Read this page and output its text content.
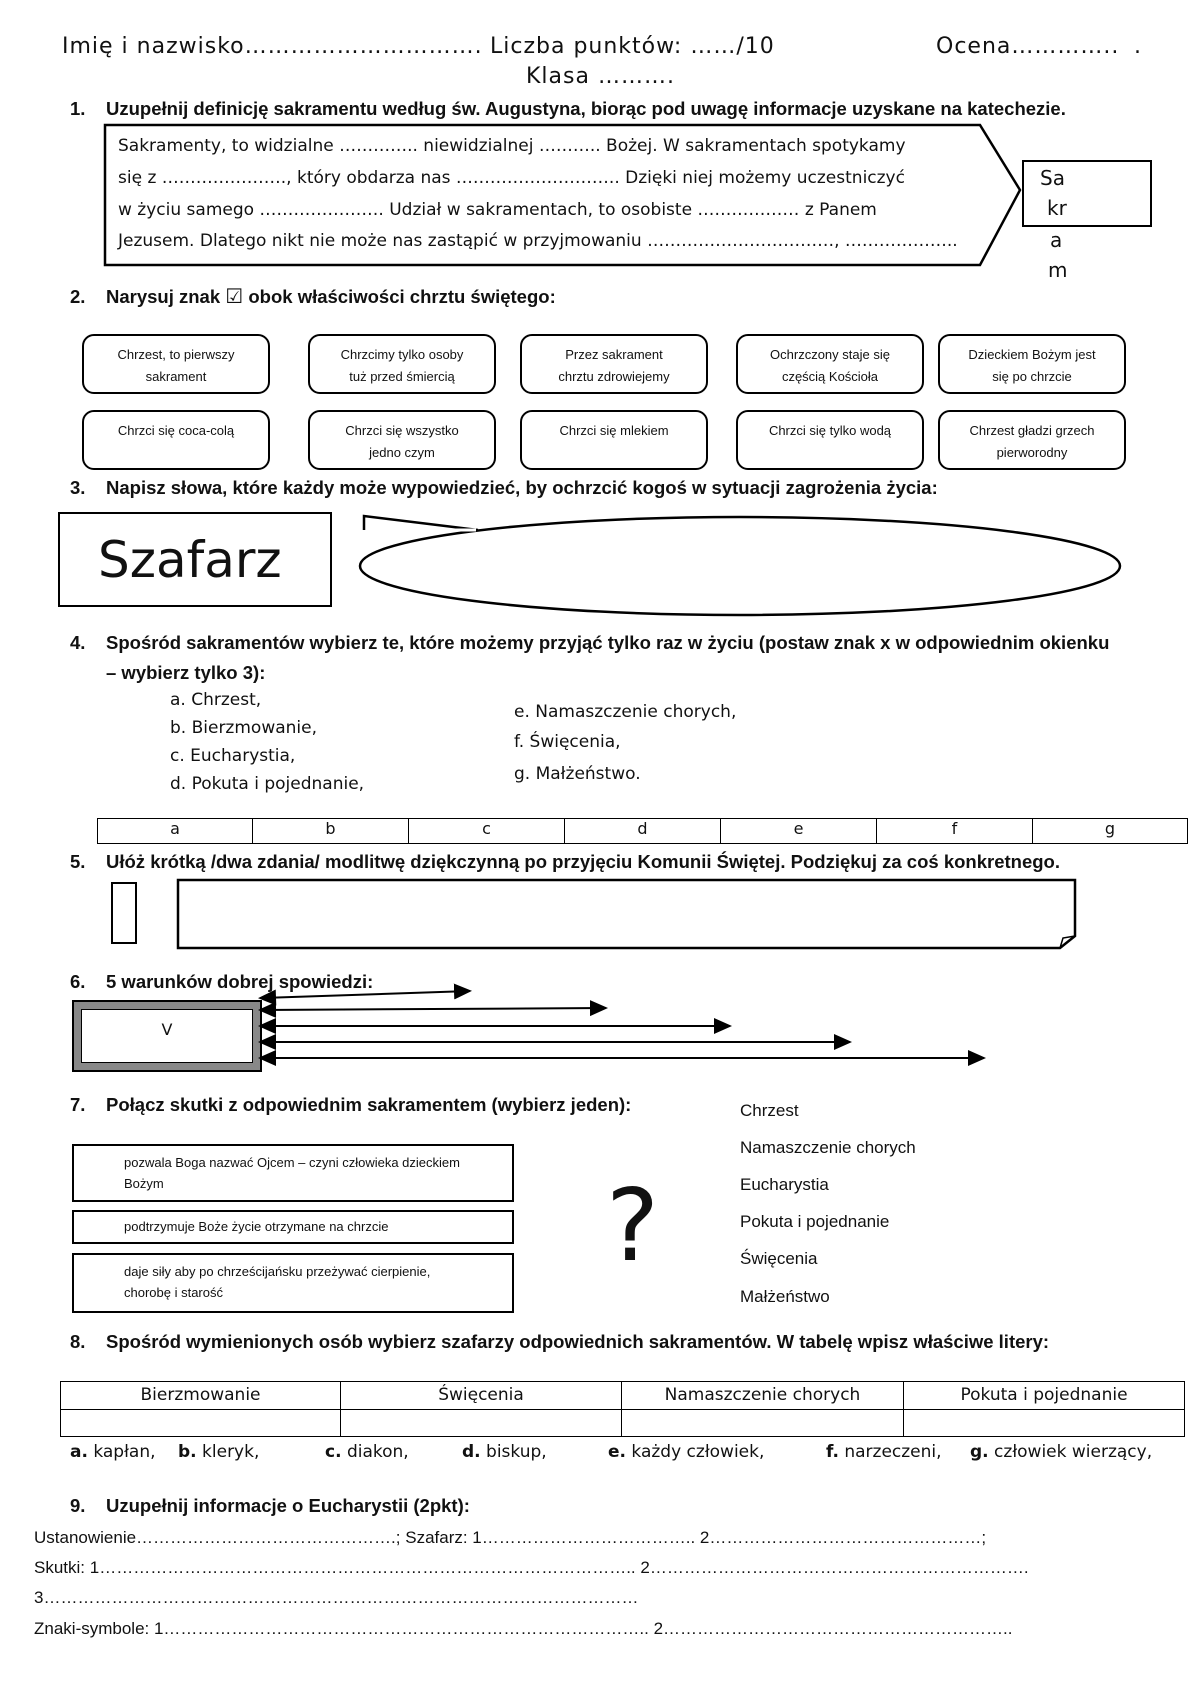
Imię i nazwisko…………………………. Liczba punktów: ……/10	Ocena………….. .
Klasa ……….
1. Uzupełnij definicję sakramentu według św. Augustyna, biorąc pod uwagę informacje uzyskane na katechezie.
Sakramenty, to widzialne ………….. niewidzialnej ……….. Bożej. W sakramentach spotykamy
się z …………………., który obdarza nas ……………………….. Dzięki niej możemy uczestniczyć
w życiu samego …………………. Udział w sakramentach, to osobiste ……………… z Panem
Jezusem. Dlatego nikt nie może nas zastąpić w przyjmowaniu ……………………………, ………………..
Sa
kr
a
m
2. Narysuj znak ☑ obok właściwości chrztu świętego:
Chrzest, to pierwszy
sakrament
Chrzcimy tylko osoby
tuż przed śmiercią
Przez sakrament
chrztu zdrowiejemy
Ochrzczony staje się
częścią Kościoła
Dzieckiem Bożym jest
się po chrzcie
Chrzci się coca-colą	Chrzci się wszystko
jedno czym
Chrzci się mlekiem	Chrzci się tylko wodą	Chrzest gładzi grzech
pierworodny
3. Napisz słowa, które każdy może wypowiedzieć, by ochrzcić kogoś w sytuacji zagrożenia życia:
Szafarz
4. Spośród sakramentów wybierz te, które możemy przyjąć tylko raz w życiu (postaw znak x w odpowiednim okienku
– wybierz tylko 3):
a. Chrzest,
b. Bierzmowanie,
c. Eucharystia,
d. Pokuta i pojednanie,
e. Namaszczenie chorych,
f. Święcenia,
g. Małżeństwo.
a	b	c	d	e	f	g
5. Ułóż krótką /dwa zdania/ modlitwę dziękczynną po przyjęciu Komunii Świętej. Podziękuj za coś konkretnego.
6. 5 warunków dobrej spowiedzi:
V
7. Połącz skutki z odpowiednim sakramentem (wybierz jeden):
pozwala Boga nazwać Ojcem – czyni człowieka dzieckiem
Bożym
podtrzymuje Boże życie otrzymane na chrzcie
daje siły aby po chrześcijańsku przeżywać cierpienie,
chorobę i starość
?
Chrzest
Namaszczenie chorych
Eucharystia
Pokuta i pojednanie
Święcenia
Małżeństwo
8. Spośród wymienionych osób wybierz szafarzy odpowiednich sakramentów. W tabelę wpisz właściwe litery:
Bierzmowanie	Święcenia	Namaszczenie chorych	Pokuta i pojednanie
a. kapłan, b. kleryk,	c. diakon,	d. biskup,	e. każdy człowiek,	f. narzeczeni, g. człowiek wierzący,
9. Uzupełnij informacje o Eucharystii (2pkt):
Ustanowienie……………………………………….; Szafarz: 1……………………………….. 2…………………………………………;
Skutki: 1………………………………………………………………………………….. 2………………………………………………………….
3……………………………………………………………………………………………
Znaki-symbole: 1………………………………………………………………………….. 2……………………………………………………..
